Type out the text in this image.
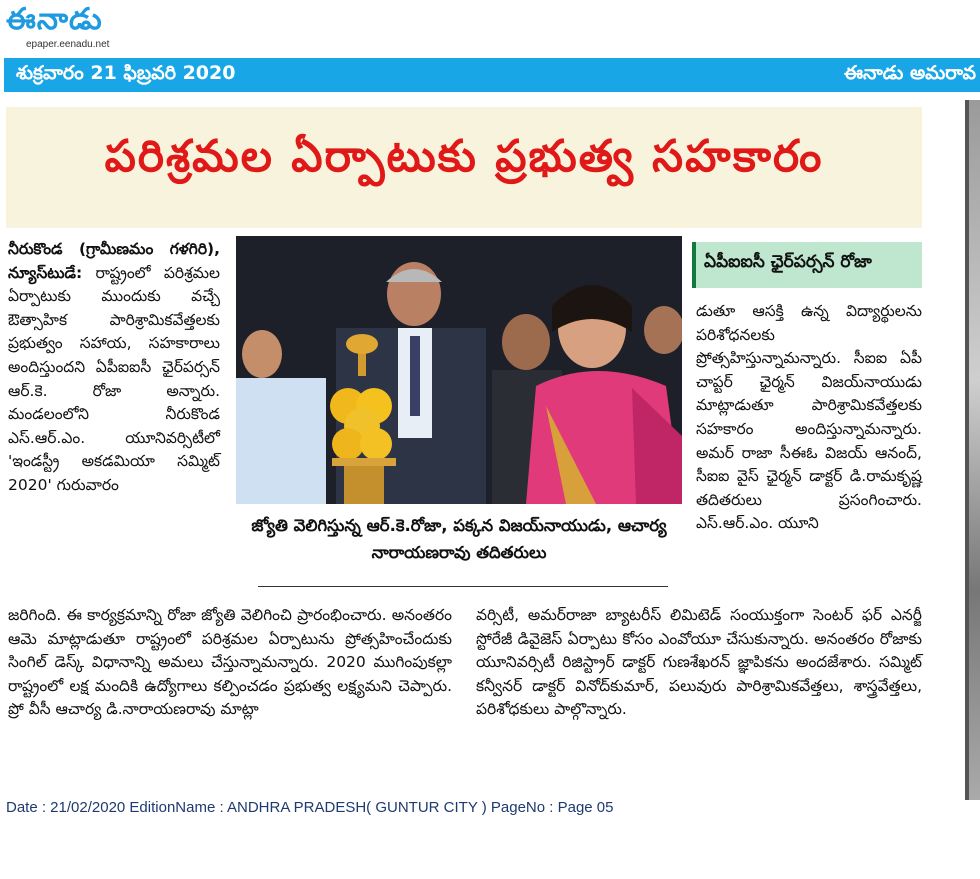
ఈనాడు
epaper.eenadu.net
శుక్రవారం 21 ఫిబ్రవరి 2020	ఈనాడు అమరావ
పరిశ్రమల ఏర్పాటుకు ప్రభుత్వ సహకారం

నీరుకొండ (గ్రామీణమం గళగిరి), న్యూస్‌టుడే: రాష్ట్రంలో పరిశ్రమల ఏర్పాటుకు ముందుకు వచ్చే ఔత్సాహిక పారిశ్రామికవేత్తలకు ప్రభుత్వం సహాయ, సహకారాలు అందిస్తుందని ఏపీఐఐసీ ఛైర్‌పర్సన్ ఆర్.కె. రోజా అన్నారు. మండలంలోని నీరుకొండ ఎస్.ఆర్.ఎం. యూనివర్సిటీలో 'ఇండస్ట్రీ అకడమియా సమ్మిట్ 2020' గురువారం

జ్యోతి వెలిగిస్తున్న ఆర్.కె.రోజా, పక్కన విజయ్‌నాయుడు, ఆచార్య నారాయణరావు తదితరులు
ఏపీఐఐసీ ఛైర్‌పర్సన్ రోజా
డుతూ ఆసక్తి ఉన్న విద్యార్థులను పరిశోధనలకు ప్రోత్సహిస్తున్నామన్నారు. సీఐఐ ఏపీ చాప్టర్ ఛైర్మన్ విజయ్‌నాయుడు మాట్లాడుతూ పారిశ్రామికవేత్తలకు సహకారం అందిస్తున్నామన్నారు. అమర్ రాజా సీఈఓ విజయ్ ఆనంద్, సీఐఐ వైస్ ఛైర్మన్ డాక్టర్ డి.రామకృష్ణ తదితరులు ప్రసంగించారు. ఎస్.ఆర్.ఎం. యూని
జరిగింది. ఈ కార్యక్రమాన్ని రోజా జ్యోతి వెలిగించి ప్రారంభించారు. అనంతరం ఆమె మాట్లాడుతూ రాష్ట్రంలో పరిశ్రమల ఏర్పాటును ప్రోత్సహించేందుకు సింగిల్ డెస్క్ విధానాన్ని అమలు చేస్తున్నామన్నారు. 2020 ముగింపుకల్లా రాష్ట్రంలో లక్ష మందికి ఉద్యోగాలు కల్పించడం ప్రభుత్వ లక్ష్యమని చెప్పారు. ప్రో వీసీ ఆచార్య డి.నారాయణరావు మాట్లా
వర్సిటీ, అమర్‌రాజా బ్యాటరీస్ లిమిటెడ్ సంయుక్తంగా సెంటర్ ఫర్ ఎనర్జీ స్టోరేజీ డివైజెస్ ఏర్పాటు కోసం ఎంవోయూ చేసుకున్నారు. అనంతరం రోజాకు యూనివర్సిటీ రిజిస్ట్రార్ డాక్టర్ గుణశేఖరన్ జ్ఞాపికను అందజేశారు. సమ్మిట్ కన్వీనర్ డాక్టర్ వినోద్‌కుమార్, పలువురు పారిశ్రామికవేత్తలు, శాస్త్రవేత్తలు, పరిశోధకులు పాల్గొన్నారు.
Date : 21/02/2020 EditionName : ANDHRA PRADESH( GUNTUR CITY ) PageNo : Page 05
